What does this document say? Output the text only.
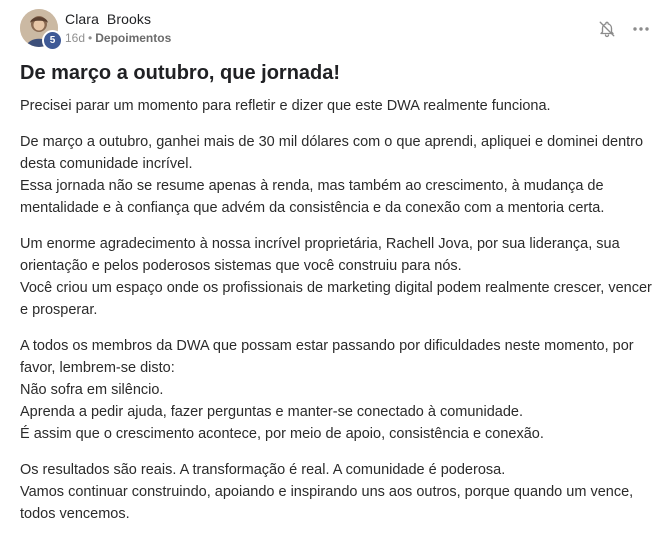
5
Clara  Brooks
16d • Depoimentos
De março a outubro, que jornada!

Precisei parar um momento para refletir e dizer que este DWA realmente funciona.

De março a outubro, ganhei mais de 30 mil dólares com o que aprendi, apliquei e dominei dentro desta comunidade incrível.
Essa jornada não se resume apenas à renda, mas também ao crescimento, à mudança de mentalidade e à confiança que advém da consistência e da conexão com a mentoria certa.

Um enorme agradecimento à nossa incrível proprietária, Rachell Jova, por sua liderança, sua orientação e pelos poderosos sistemas que você construiu para nós.
Você criou um espaço onde os profissionais de marketing digital podem realmente crescer, vencer e prosperar.

A todos os membros da DWA que possam estar passando por dificuldades neste momento, por favor, lembrem-se disto:
Não sofra em silêncio.
Aprenda a pedir ajuda, fazer perguntas e manter-se conectado à comunidade.
É assim que o crescimento acontece, por meio de apoio, consistência e conexão.

Os resultados são reais. A transformação é real. A comunidade é poderosa.
Vamos continuar construindo, apoiando e inspirando uns aos outros, porque quando um vence, todos vencemos.
